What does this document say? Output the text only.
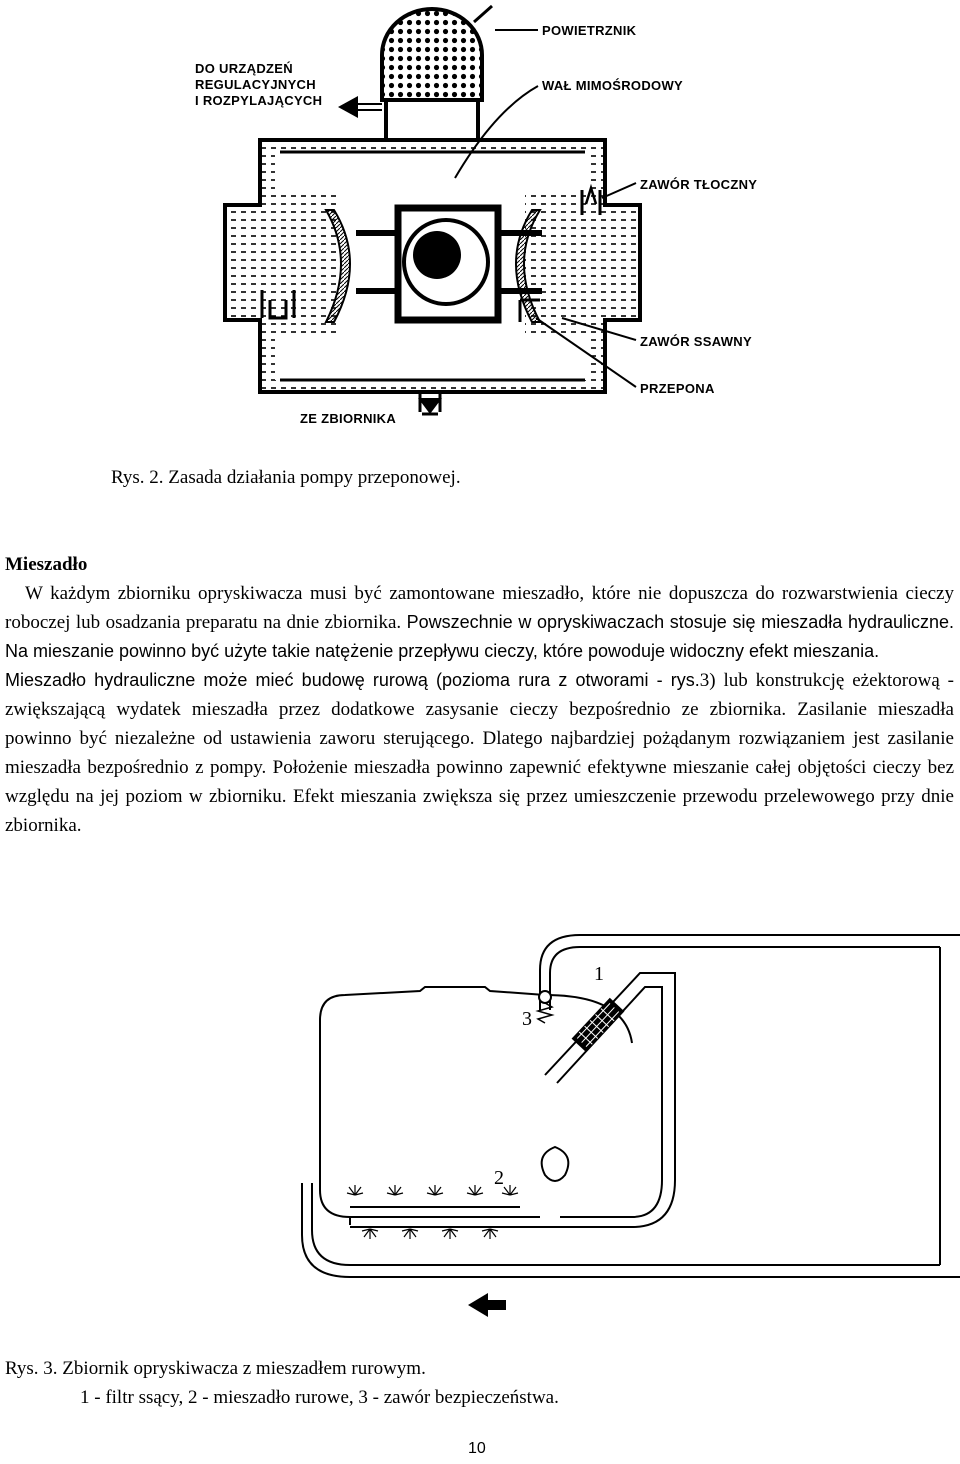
DO URZĄDZEŃ
REGULACYJNYCH
I ROZPYLAJĄCYCH
POWIETRZNIK
WAŁ MIMOŚRODOWY
ZAWÓR TŁOCZNY
ZAWÓR SSAWNY
PRZEPONA
ZE ZBIORNIKA
Rys. 2. Zasada działania pompy przeponowej.

Mieszadło

W każdym zbiorniku opryskiwacza musi być zamontowane mieszadło, które nie dopuszcza do rozwarstwienia cieczy roboczej lub osadzania preparatu na dnie zbiornika. Powszechnie w opryskiwaczach stosuje się mieszadła hydrauliczne. Na mieszanie powinno być użyte takie natężenie przepływu cieczy, które powoduje widoczny efekt mieszania.

Mieszadło hydrauliczne może mieć budowę rurową (pozioma rura z otworami - rys.3) lub konstrukcję eżektorową - zwiększającą wydatek mieszadła przez dodatkowe zasysanie cieczy bezpośrednio ze zbiornika. Zasilanie mieszadła powinno być niezależne od ustawienia zaworu sterującego. Dlatego najbardziej pożądanym rozwiązaniem jest zasilanie mieszadła bezpośrednio z pompy. Położenie mieszadła powinno zapewnić efektywne mieszanie całej objętości cieczy bez względu na jej poziom w zbiorniku. Efekt mieszania zwiększa się przez umieszczenie przewodu przelewowego przy dnie zbiornika.

1
3
2
Rys. 3. Zbiornik opryskiwacza z mieszadłem rurowym.
1 - filtr ssący, 2 - mieszadło rurowe, 3 - zawór bezpieczeństwa.
10
